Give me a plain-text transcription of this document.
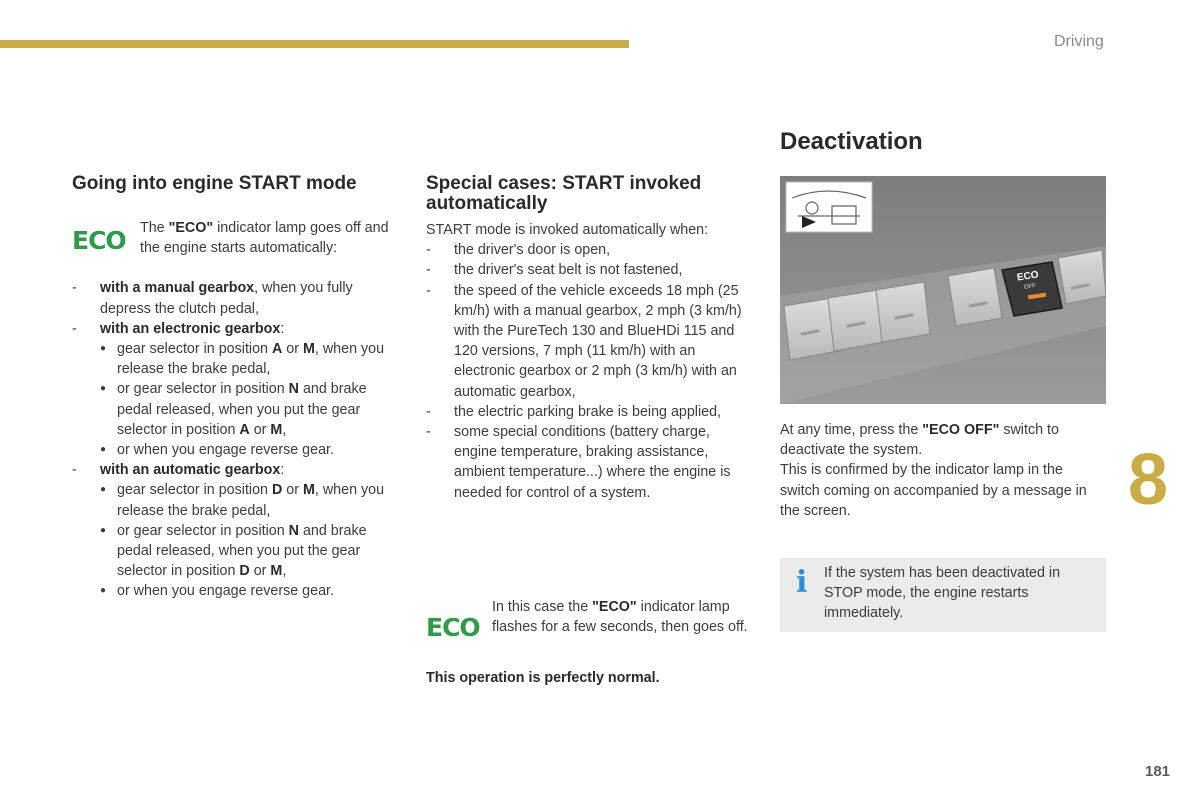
Driving
Going into engine START mode
ECO	The "ECO" indicator lamp goes off and the engine starts automatically:

- with a manual gearbox, when you fully depress the clutch pedal,
- with an electronic gearbox:
● gear selector in position A or M, when you release the brake pedal,
● or gear selector in position N and brake pedal released, when you put the gear selector in position A or M,
● or when you engage reverse gear.
- with an automatic gearbox:
● gear selector in position D or M, when you release the brake pedal,
● or gear selector in position N and brake pedal released, when you put the gear selector in position D or M,
● or when you engage reverse gear.
Special cases: START invoked automatically

START mode is invoked automatically when:

- the driver's door is open,
- the driver's seat belt is not fastened,
- the speed of the vehicle exceeds 18 mph (25 km/h) with a manual gearbox, 2 mph (3 km/h) with the PureTech 130 and BlueHDi 115 and 120 versions, 7 mph (11 km/h) with an electronic gearbox or 2 mph (3 km/h) with an automatic gearbox,
- the electric parking brake is being applied,
- some special conditions (battery charge, engine temperature, braking assistance, ambient temperature...) where the engine is needed for control of a system.
ECO

In this case the "ECO" indicator lamp flashes for a few seconds, then goes off.

This operation is perfectly normal.
Deactivation
ECO
OFF

At any time, press the "ECO OFF" switch to deactivate the system.

This is confirmed by the indicator lamp in the switch coming on accompanied by a message in the screen.

i If the system has been deactivated in STOP mode, the engine restarts immediately.

8
181
